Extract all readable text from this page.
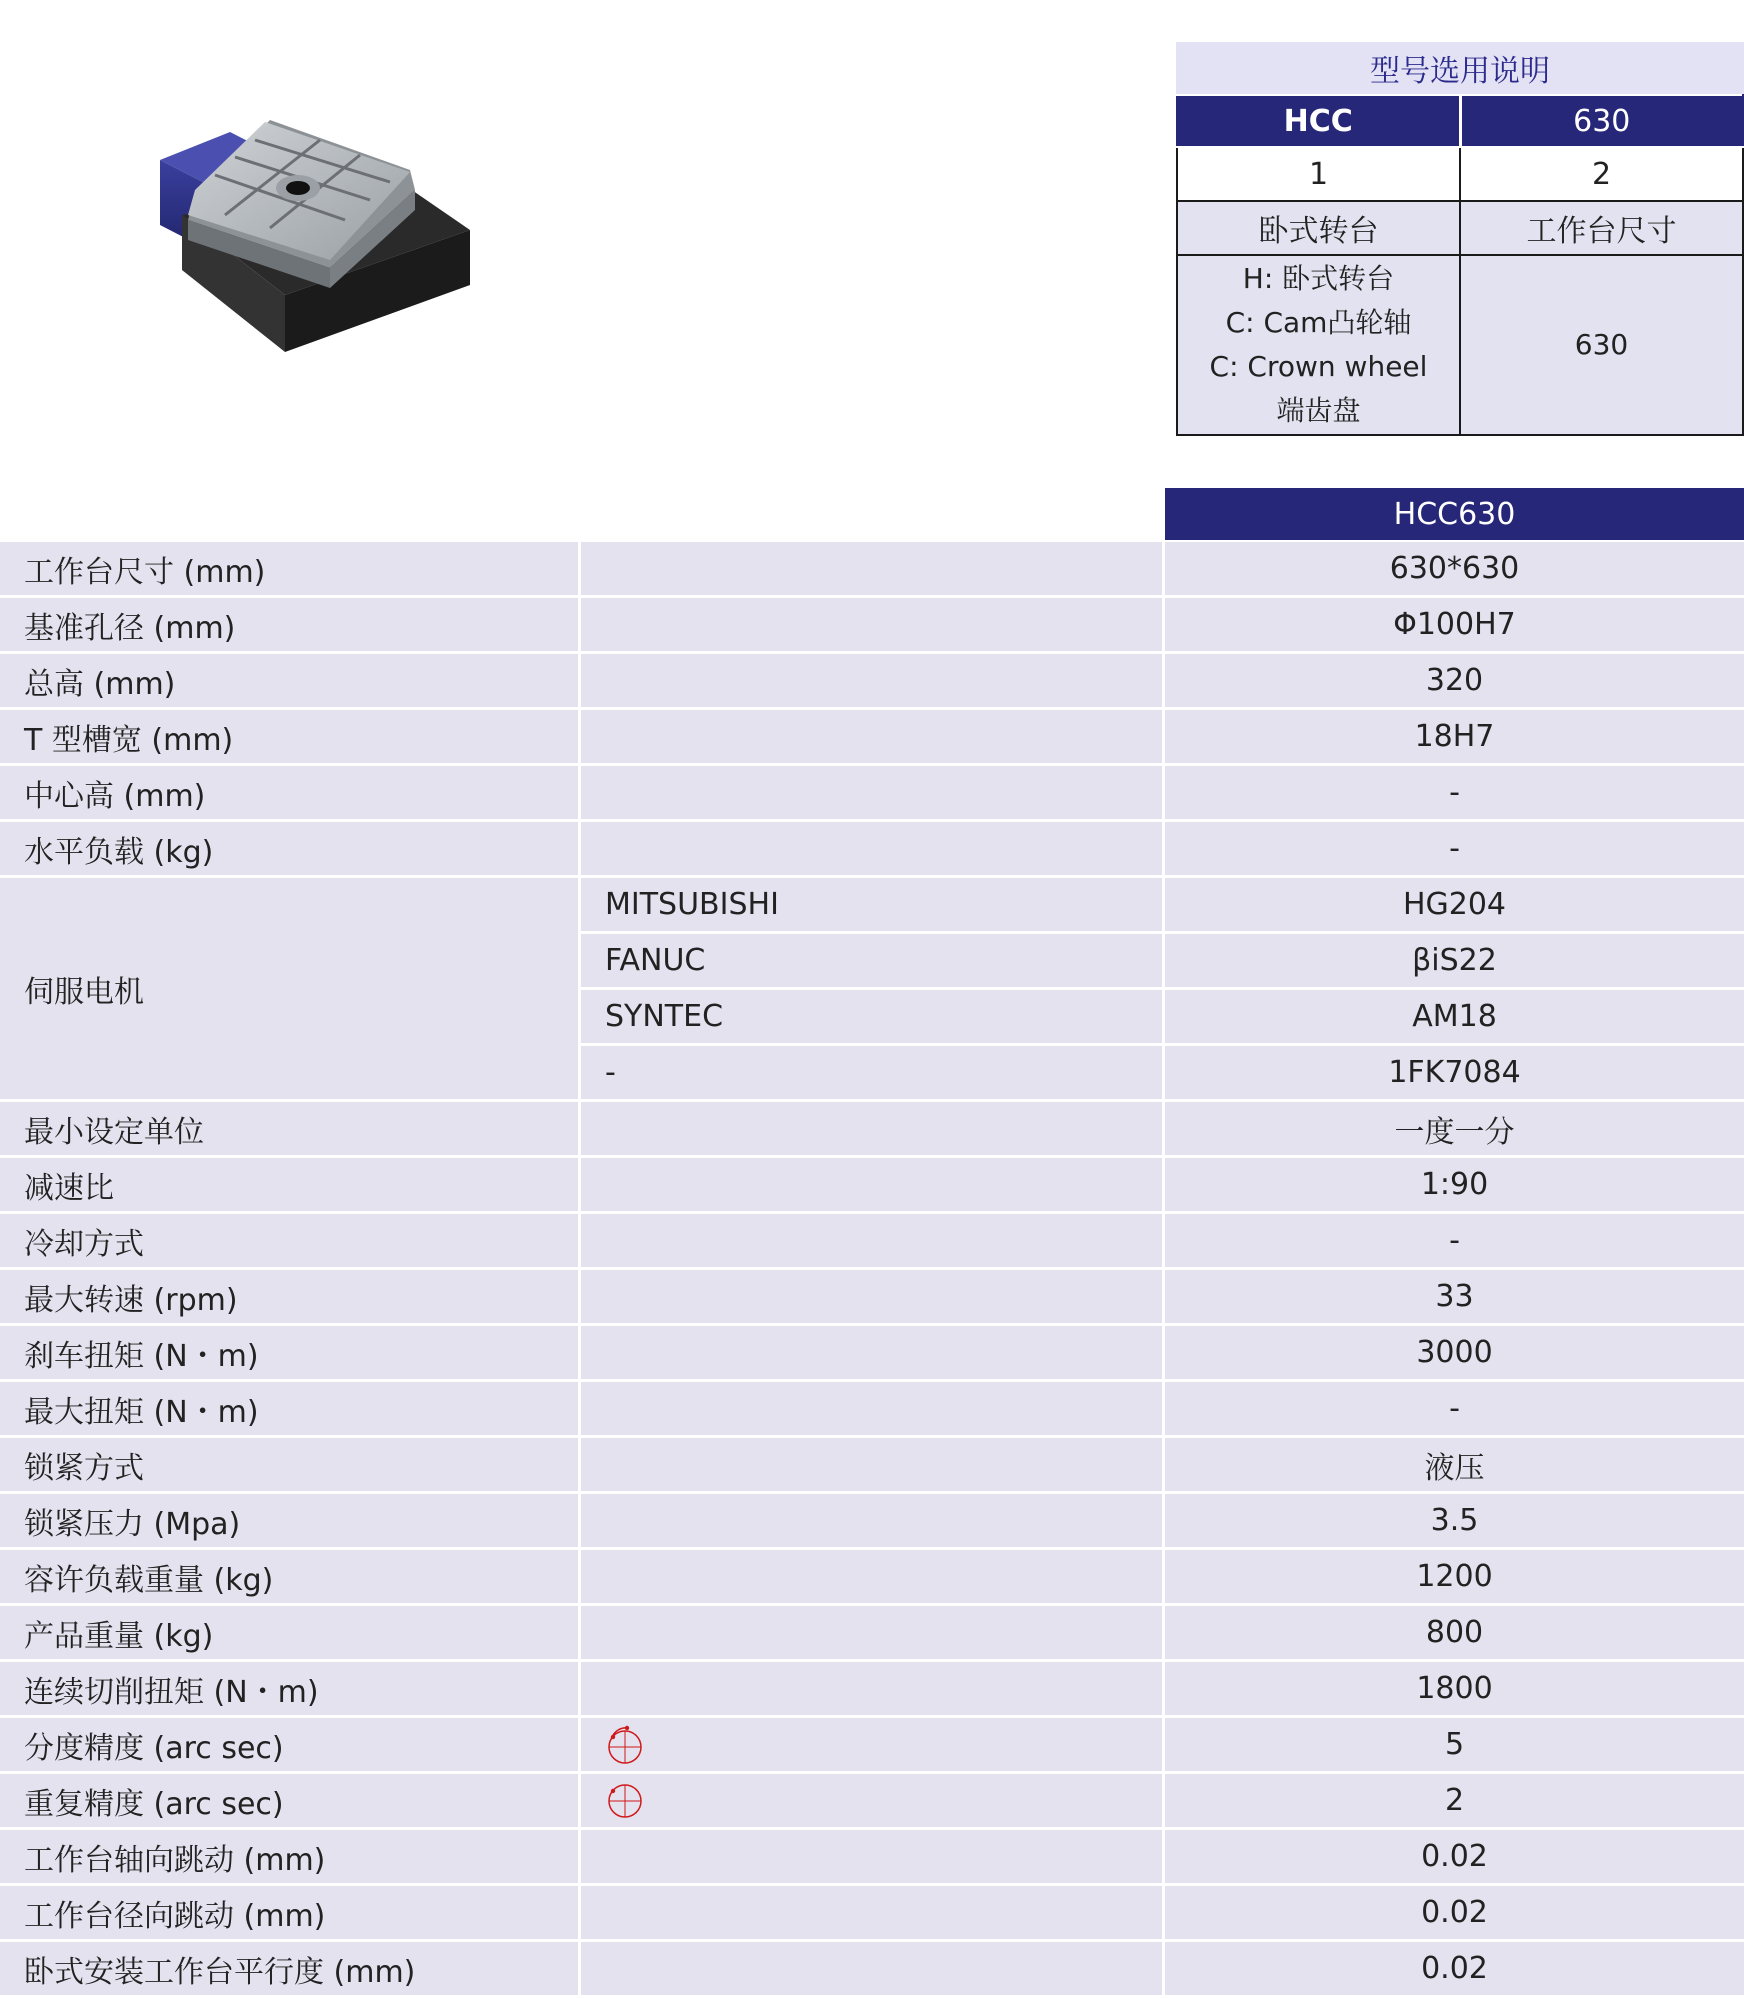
型号选用说明
HCC	630
1	2
卧式转台	工作台尺寸

H: 卧式转台
C: Cam凸轮轴
C: Crown wheel
端齿盘	630
HCC630
工作台尺寸 (mm)	630*630
基准孔径 (mm)	Φ100H7
总高 (mm)	320
T 型槽宽 (mm)	18H7
中心高 (mm)	-
水平负载 (kg)	-
伺服电机
MITSUBISHI	HG204
FANUC	βiS22
SYNTEC	AM18
-	1FK7084
最小设定单位	一度一分
减速比	1:90
冷却方式	-
最大转速 (rpm)	33
刹车扭矩 (N・m)	3000
最大扭矩 (N・m)	-
锁紧方式	液压
锁紧压力 (Mpa)	3.5
容许负载重量 (kg)	1200
产品重量 (kg)	800
连续切削扭矩 (N・m)	1800
分度精度 (arc sec)	5
重复精度 (arc sec)	2
工作台轴向跳动 (mm)	0.02
工作台径向跳动 (mm)	0.02
卧式安装工作台平行度 (mm)	0.02
